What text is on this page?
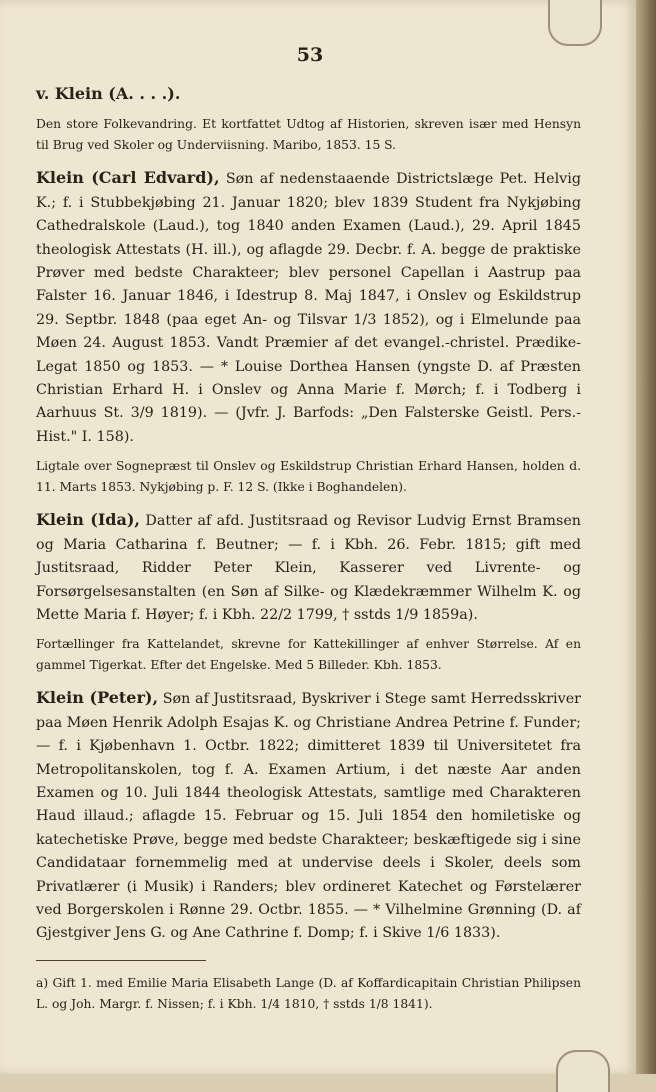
53

v. Klein (A. . . .).

Den store Folkevandring. Et kortfattet Udtog af Historien, skreven især med Hensyn til Brug ved Skoler og Underviisning. Maribo, 1853. 15 S.

Klein (Carl Edvard), Søn af nedenstaaende Districtslæge Pet. Helvig K.; f. i Stubbekjøbing 21. Januar 1820; blev 1839 Student fra Nykjøbing Cathedralskole (Laud.), tog 1840 anden Examen (Laud.), 29. April 1845 theologisk Attestats (H. ill.), og aflagde 29. Decbr. f. A. begge de praktiske Prøver med bedste Charakteer; blev personel Capellan i Aastrup paa Falster 16. Januar 1846, i Idestrup 8. Maj 1847, i Onslev og Eskildstrup 29. Septbr. 1848 (paa eget An- og Tilsvar 1/3 1852), og i Elmelunde paa Møen 24. August 1853. Vandt Præmier af det evangel.-christel. Prædike-Legat 1850 og 1853. — * Louise Dorthea Hansen (yngste D. af Præsten Christian Erhard H. i Onslev og Anna Marie f. Mørch; f. i Todberg i Aarhuus St. 3/9 1819). — (Jvfr. J. Barfods: „Den Falsterske Geistl. Pers.-Hist." I. 158).

Ligtale over Sognepræst til Onslev og Eskildstrup Christian Erhard Hansen, holden d. 11. Marts 1853. Nykjøbing p. F. 12 S. (Ikke i Boghandelen).

Klein (Ida), Datter af afd. Justitsraad og Revisor Ludvig Ernst Bramsen og Maria Catharina f. Beutner; — f. i Kbh. 26. Febr. 1815; gift med Justitsraad, Ridder Peter Klein, Kasserer ved Livrente- og Forsørgelsesanstalten (en Søn af Silke- og Klædekræmmer Wilhelm K. og Mette Maria f. Høyer; f. i Kbh. 22/2 1799, † sstds 1/9 1859a).

Fortællinger fra Kattelandet, skrevne for Kattekillinger af enhver Størrelse. Af en gammel Tigerkat. Efter det Engelske. Med 5 Billeder. Kbh. 1853.

Klein (Peter), Søn af Justitsraad, Byskriver i Stege samt Herredsskriver paa Møen Henrik Adolph Esajas K. og Christiane Andrea Petrine f. Funder; — f. i Kjøbenhavn 1. Octbr. 1822; dimitteret 1839 til Universitetet fra Metropolitanskolen, tog f. A. Examen Artium, i det næste Aar anden Examen og 10. Juli 1844 theologisk Attestats, samtlige med Charakteren Haud illaud.; aflagde 15. Februar og 15. Juli 1854 den homiletiske og katechetiske Prøve, begge med bedste Charakteer; beskæftigede sig i sine Candidataar fornemmelig med at undervise deels i Skoler, deels som Privatlærer (i Musik) i Randers; blev ordineret Katechet og Førstelærer ved Borgerskolen i Rønne 29. Octbr. 1855. — * Vilhelmine Grønning (D. af Gjestgiver Jens G. og Ane Cathrine f. Domp; f. i Skive 1/6 1833).

a) Gift 1. med Emilie Maria Elisabeth Lange (D. af Koffardicapitain Christian Philipsen L. og Joh. Margr. f. Nissen; f. i Kbh. 1/4 1810, † sstds 1/8 1841).
